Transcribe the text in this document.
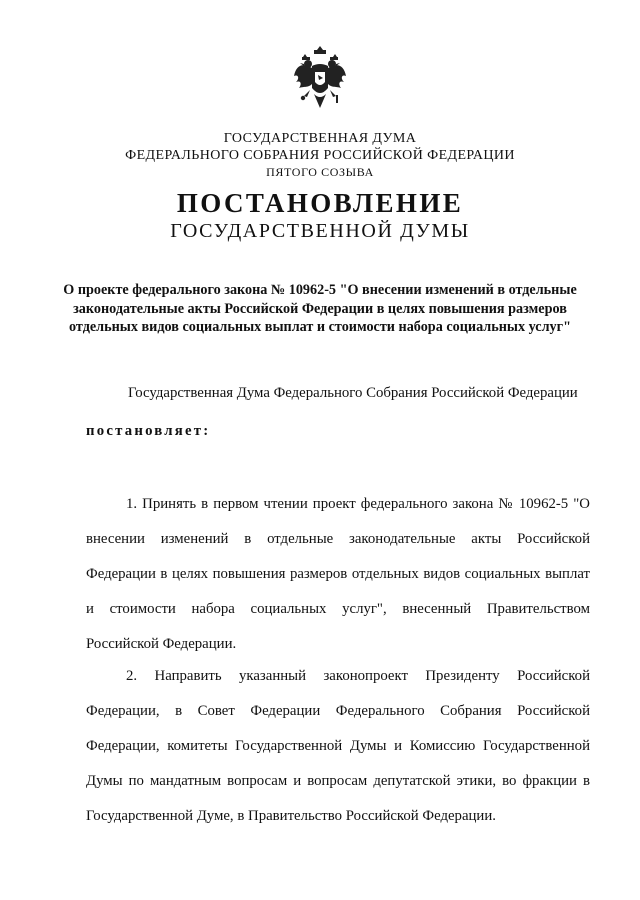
ГОСУДАРСТВЕННАЯ ДУМА
ФЕДЕРАЛЬНОГО СОБРАНИЯ РОССИЙСКОЙ ФЕДЕРАЦИИ
ПЯТОГО СОЗЫВА
ПОСТАНОВЛЕНИЕ
ГОСУДАРСТВЕННОЙ ДУМЫ
О проекте федерального закона № 10962-5 "О внесении изменений в отдельные законодательные акты Российской Федерации в целях повышения размеров отдельных видов социальных выплат и стоимости набора социальных услуг"
Государственная Дума Федерального Собрания Российской Федерации
постановляет:
1. Принять в первом чтении проект федерального закона № 10962-5 "О внесении изменений в отдельные законодательные акты Российской Федерации в целях повышения размеров отдельных видов социальных выплат и стоимости набора социальных услуг", внесенный Правительством Российской Федерации.
2. Направить указанный законопроект Президенту Российской Федерации, в Совет Федерации Федерального Собрания Российской Федерации, комитеты Государственной Думы и Комиссию Государственной Думы по мандатным вопросам и вопросам депутатской этики, во фракции в Государственной Думе, в Правительство Российской Федерации.
